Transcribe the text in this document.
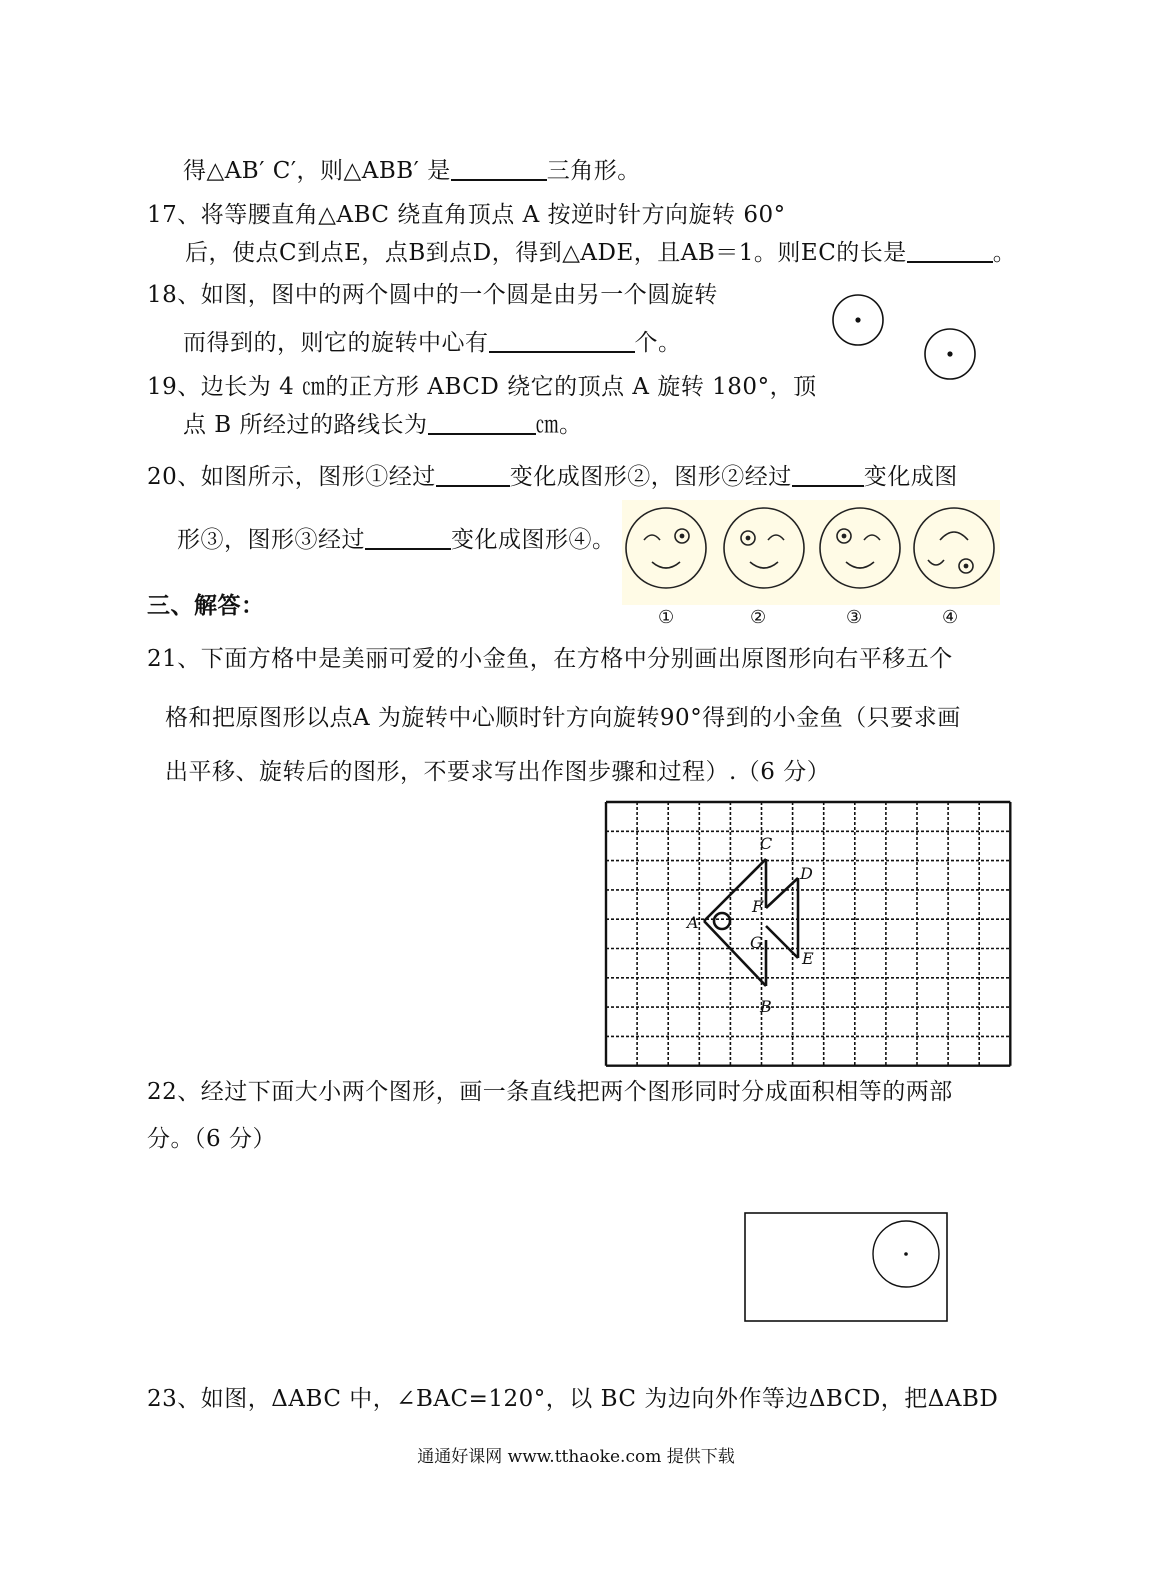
得△AB′ C′，则△ABB′ 是	三角形。
17、将等腰直角△ABC 绕直角顶点 A 按逆时针方向旋转 60°
后，使点C到点E，点B到点D，得到△ADE，且AB＝1。则EC的长是	。
18、如图，图中的两个圆中的一个圆是由另一个圆旋转
而得到的，则它的旋转中心有	个。
19、边长为 4 ㎝的正方形 ABCD 绕它的顶点 A 旋转 180°，顶
点 B 所经过的路线长为	㎝。
20、如图所示，图形①经过	变化成图形②，图形②经过	变化成图
形③，图形③经过	变化成图形④。
①	②	③	④
三、解答：
21、下面方格中是美丽可爱的小金鱼，在方格中分别画出原图形向右平移五个
格和把原图形以点A 为旋转中心顺时针方向旋转90°得到的小金鱼（只要求画
出平移、旋转后的图形，不要求写出作图步骤和过程）.（6 分）
A
B
C
D
E
F
G
22、经过下面大小两个图形，画一条直线把两个图形同时分成面积相等的两部
分。（6 分）
23、如图，ΔABC 中，∠BAC=120°，以 BC 为边向外作等边ΔBCD，把ΔABD
通通好课网 www.tthaoke.com 提供下载
